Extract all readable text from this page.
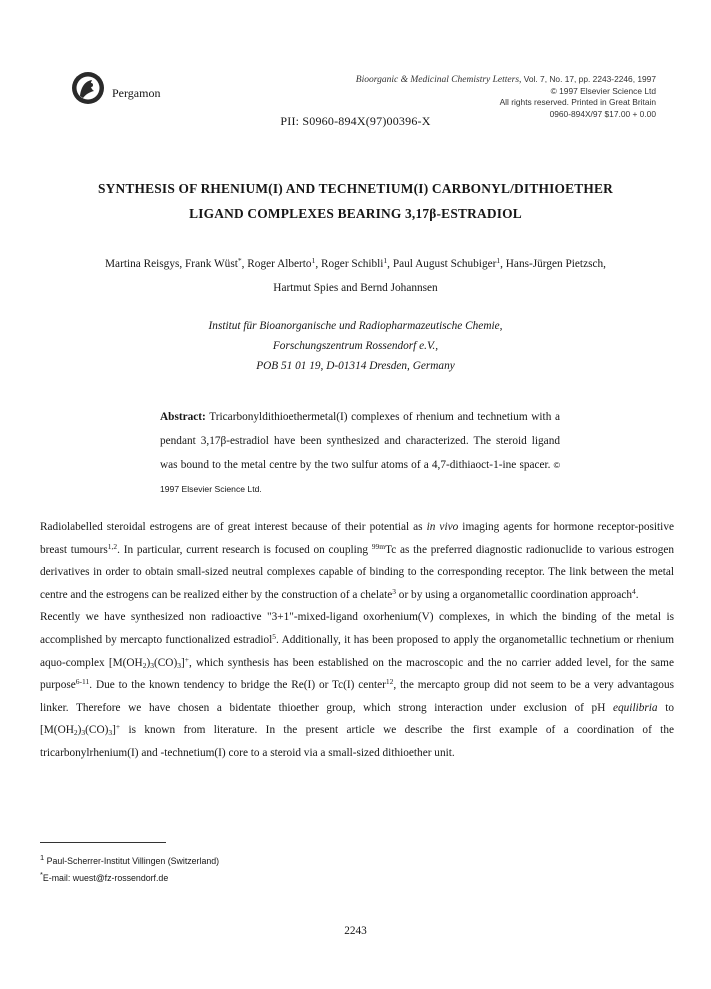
Pergamon
Bioorganic & Medicinal Chemistry Letters, Vol. 7, No. 17, pp. 2243-2246, 1997
© 1997 Elsevier Science Ltd
All rights reserved. Printed in Great Britain
0960-894X/97 $17.00 + 0.00
PII: S0960-894X(97)00396-X
SYNTHESIS OF RHENIUM(I) AND TECHNETIUM(I) CARBONYL/DITHIOETHER
LIGAND COMPLEXES BEARING 3,17β-ESTRADIOL
Martina Reisgys, Frank Wüst*, Roger Alberto$^1$, Roger Schibli$^1$, Paul August Schubiger$^1$, Hans-Jürgen Pietzsch,
Hartmut Spies and Bernd Johannsen
Institut für Bioanorganische und Radiopharmazeutische Chemie,
Forschungszentrum Rossendorf e.V.,
POB 51 01 19, D-01314 Dresden, Germany
Abstract: Tricarbonyldithioethermetal(I) complexes of rhenium and technetium with a pendant 3,17β-estradiol have been synthesized and characterized. The steroid ligand was bound to the metal centre by the two sulfur atoms of a 4,7-dithiaoct-1-ine spacer. © 1997 Elsevier Science Ltd.

Radiolabelled steroidal estrogens are of great interest because of their potential as in vivo imaging agents for hormone receptor-positive breast tumours$^{1,2}$. In particular, current research is focused on coupling $^{99m}$Tc as the preferred diagnostic radionuclide to various estrogen derivatives in order to obtain small-sized neutral complexes capable of binding to the corresponding receptor. The link between the metal centre and the estrogens can be realized either by the construction of a chelate$^3$ or by using a organometallic coordination approach$^4$.

Recently we have synthesized non radioactive "3+1"-mixed-ligand oxorhenium(V) complexes, in which the binding of the metal is accomplished by mercapto functionalized estradiol$^5$. Additionally, it has been proposed to apply the organometallic technetium or rhenium aquo-complex $[M(OH_2)_3(CO)_3]^+$, which synthesis has been established on the macroscopic and the no carrier added level, for the same purpose$^{6-11}$. Due to the known tendency to bridge the Re(I) or Tc(I) center$^{12}$, the mercapto group did not seem to be a very advantagous linker. Therefore we have chosen a bidentate thioether group, which strong interaction under exclusion of pH equilibria to $[M(OH_2)_3(CO)_3]^+$ is known from literature. In the present article we describe the first example of a coordination of the tricarbonylrhenium(I) and -technetium(I) core to a steroid via a small-sized dithioether unit.

$^1$ Paul-Scherrer-Institut Villingen (Switzerland)
*E-mail: wuest@fz-rossendorf.de
2243
